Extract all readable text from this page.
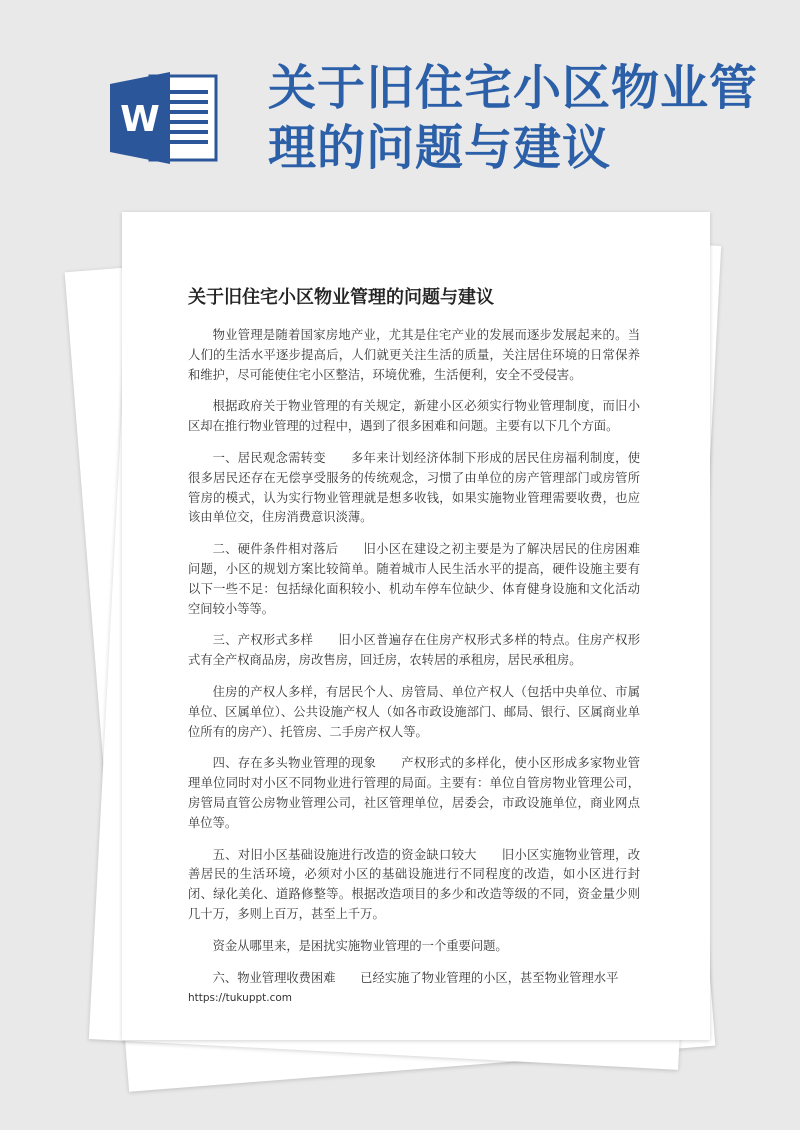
W
关于旧住宅小区物业管
理的问题与建议
关于旧住宅小区物业管理的问题与建议

物业管理是随着国家房地产业，尤其是住宅产业的发展而逐步发展起来的。当人们的生活水平逐步提高后，人们就更关注生活的质量，关注居住环境的日常保养和维护，尽可能使住宅小区整洁，环境优雅，生活便利，安全不受侵害。

根据政府关于物业管理的有关规定，新建小区必须实行物业管理制度，而旧小区却在推行物业管理的过程中，遇到了很多困难和问题。主要有以下几个方面。

一、居民观念需转变　　多年来计划经济体制下形成的居民住房福利制度，使很多居民还存在无偿享受服务的传统观念，习惯了由单位的房产管理部门或房管所管房的模式，认为实行物业管理就是想多收钱，如果实施物业管理需要收费，也应该由单位交，住房消费意识淡薄。

二、硬件条件相对落后　　旧小区在建设之初主要是为了解决居民的住房困难问题，小区的规划方案比较简单。随着城市人民生活水平的提高，硬件设施主要有以下一些不足：包括绿化面积较小、机动车停车位缺少、体育健身设施和文化活动空间较小等等。

三、产权形式多样　　旧小区普遍存在住房产权形式多样的特点。住房产权形式有全产权商品房，房改售房，回迁房，农转居的承租房，居民承租房。

住房的产权人多样，有居民个人、房管局、单位产权人（包括中央单位、市属单位、区属单位）、公共设施产权人（如各市政设施部门、邮局、银行、区属商业单位所有的房产）、托管房、二手房产权人等。

四、存在多头物业管理的现象　　产权形式的多样化，使小区形成多家物业管理单位同时对小区不同物业进行管理的局面。主要有：单位自管房物业管理公司，房管局直管公房物业管理公司，社区管理单位，居委会，市政设施单位，商业网点单位等。

五、对旧小区基础设施进行改造的资金缺口较大　　旧小区实施物业管理，改善居民的生活环境，必须对小区的基础设施进行不同程度的改造，如小区进行封闭、绿化美化、道路修整等。根据改造项目的多少和改造等级的不同，资金量少则几十万，多则上百万，甚至上千万。

资金从哪里来，是困扰实施物业管理的一个重要问题。

六、物业管理收费困难　　已经实施了物业管理的小区，甚至物业管理水平

https://tukuppt.com
